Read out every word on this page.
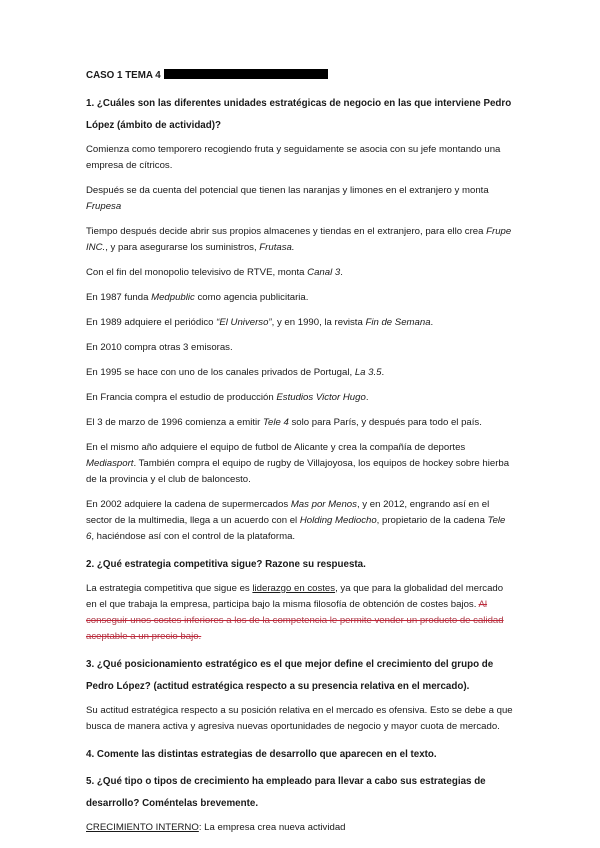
CASO 1 TEMA 4
1. ¿Cuáles son las diferentes unidades estratégicas de negocio en las que interviene Pedro López (ámbito de actividad)?
Comienza como temporero recogiendo fruta y seguidamente se asocia con su jefe montando una empresa de cítricos.
Después se da cuenta del potencial que tienen las naranjas y limones en el extranjero y monta Frupesa
Tiempo después decide abrir sus propios almacenes y tiendas en el extranjero, para ello crea Frupe INC., y para asegurarse los suministros, Frutasa.
Con el fin del monopolio televisivo de RTVE, monta Canal 3.
En 1987 funda Medpublic como agencia publicitaria.
En 1989 adquiere el periódico “El Universo”, y en 1990, la revista Fin de Semana.
En 2010 compra otras 3 emisoras.
En 1995 se hace con uno de los canales privados de Portugal, La 3.5.
En Francia compra el estudio de producción Estudios Victor Hugo.
El 3 de marzo de 1996 comienza a emitir Tele 4 solo para París, y después para todo el país.
En el mismo año adquiere el equipo de futbol de Alicante y crea la compañía de deportes Mediasport. También compra el equipo de rugby de Villajoyosa, los equipos de hockey sobre hierba de la provincia y el club de baloncesto.
En 2002 adquiere la cadena de supermercados Mas por Menos, y en 2012, engrando así en el sector de la multimedia, llega a un acuerdo con el Holding Mediocho, propietario de la cadena Tele 6, haciéndose así con el control de la plataforma.
2. ¿Qué estrategia competitiva sigue? Razone su respuesta.
La estrategia competitiva que sigue es liderazgo en costes, ya que para la globalidad del mercado en el que trabaja la empresa, participa bajo la misma filosofía de obtención de costes bajos. Al conseguir unos costes inferiores a los de la competencia le permite vender un producto de calidad aceptable a un precio bajo.
3. ¿Qué posicionamiento estratégico es el que mejor define el crecimiento del grupo de Pedro López? (actitud estratégica respecto a su presencia relativa en el mercado).
Su actitud estratégica respecto a su posición relativa en el mercado es ofensiva. Esto se debe a que busca de manera activa y agresiva nuevas oportunidades de negocio y mayor cuota de mercado.
4. Comente las distintas estrategias de desarrollo que aparecen en el texto.
5. ¿Qué tipo o tipos de crecimiento ha empleado para llevar a cabo sus estrategias de desarrollo? Coméntelas brevemente.
CRECIMIENTO INTERNO: La empresa crea nueva actividad
